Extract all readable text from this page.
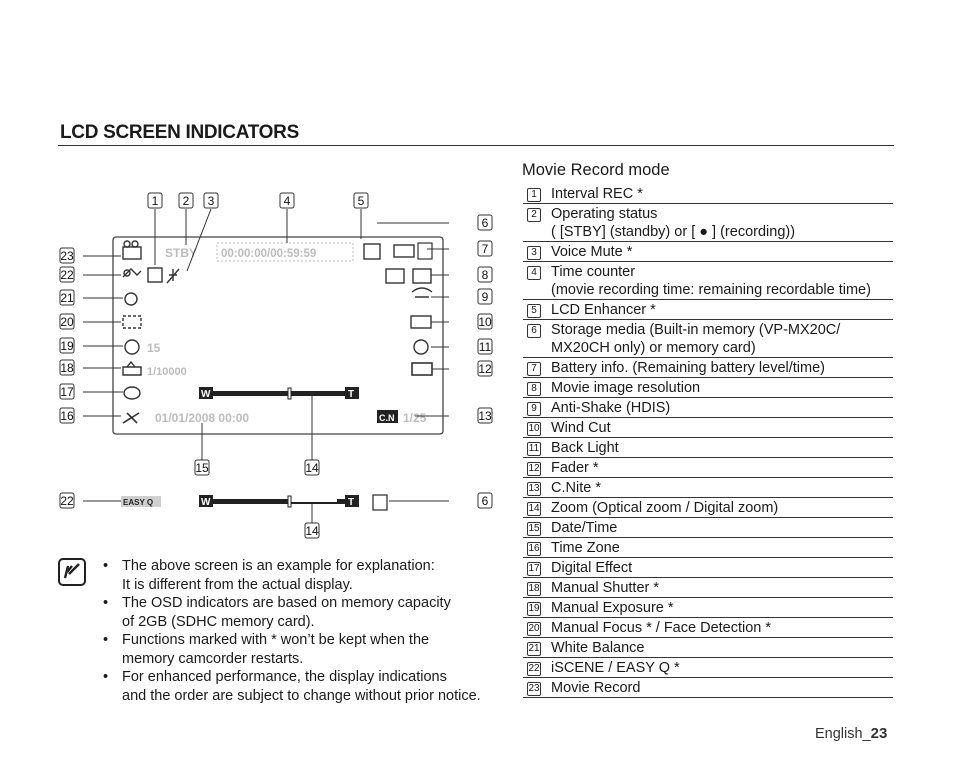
LCD SCREEN INDICATORS
Movie Record mode
1 Interval REC *
2 Operating status
( [STBY] (standby) or [ ● ] (recording))
3 Voice Mute *
4 Time counter
(movie recording time: remaining recordable time)
5 LCD Enhancer *
6 Storage media (Built-in memory (VP-MX20C/
MX20CH only) or memory card)
7 Battery info. (Remaining battery level/time)
8 Movie image resolution
9 Anti-Shake (HDIS)
10 Wind Cut
11 Back Light
12 Fader *
13 C.Nite *
14 Zoom (Optical zoom / Digital zoom)
15 Date/Time
16 Time Zone
17 Digital Effect
18 Manual Shutter *
19 Manual Exposure *
20 Manual Focus * / Face Detection *
21 White Balance
22 iSCENE / EASY Q *
23 Movie Record
STBY 00:00:00/00:59:59
15
1/10000
01/01/2008 00:00	C.N 1/25
W	T
EASY Q	W	T
1 2 3	4	5
6
7
8
9
10
11
12
13
14
15
16
17
18
19
20
21
22
23
22	6
14
• The above screen is an example for explanation:
It is different from the actual display.
• The OSD indicators are based on memory capacity
of 2GB (SDHC memory card).
• Functions marked with * won’t be kept when the
memory camcorder restarts.
• For enhanced performance, the display indications
and the order are subject to change without prior notice.
English_23
